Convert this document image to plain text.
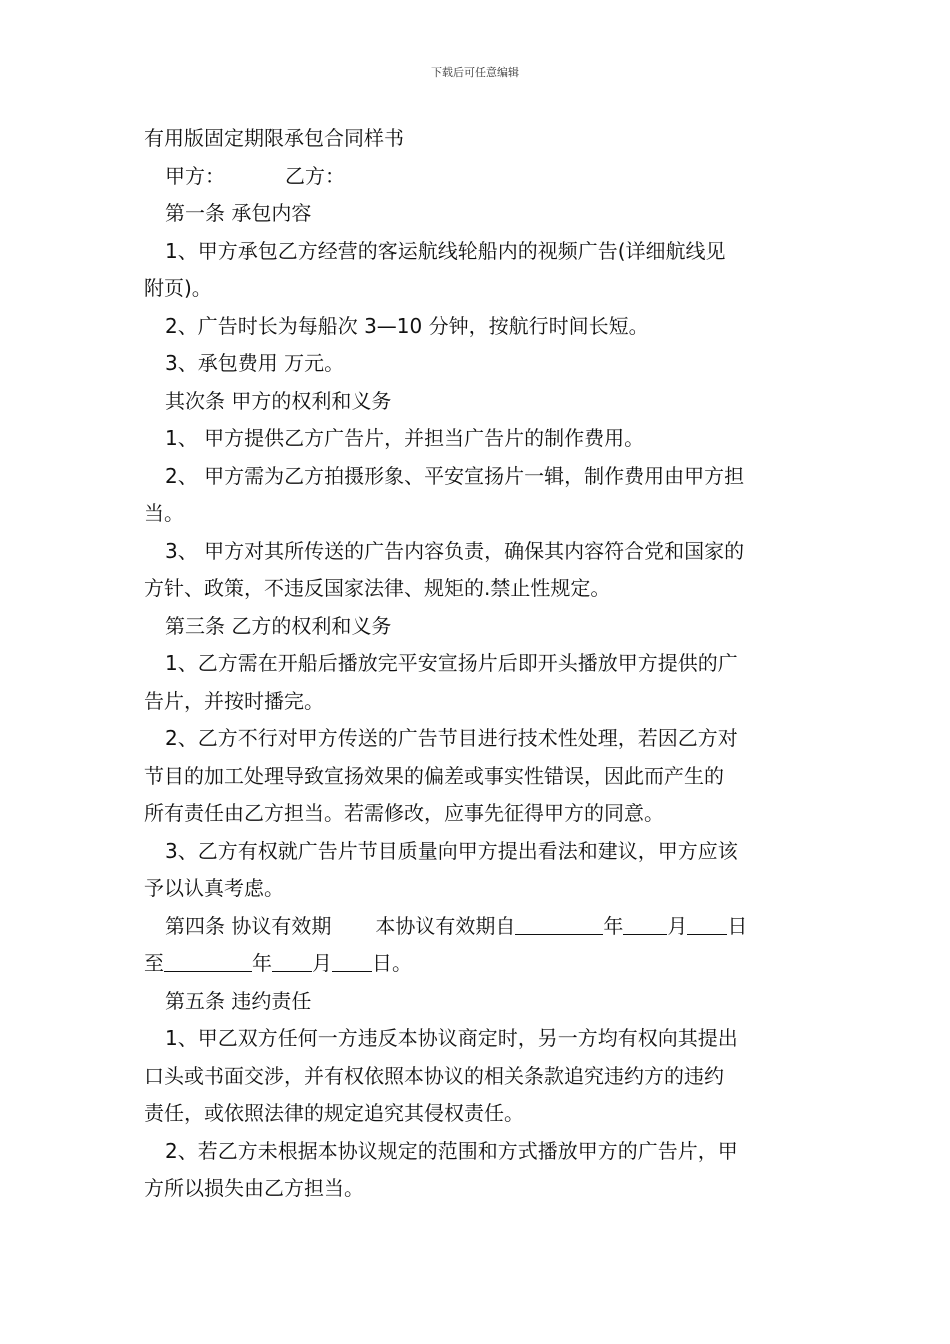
下载后可任意编辑
有用版固定期限承包合同样书
甲方：	乙方：
第一条 承包内容
1、甲方承包乙方经营的客运航线轮船内的视频广告(详细航线见
附页)。
2、广告时长为每船次 3—10 分钟，按航行时间长短。
3、承包费用 万元。
其次条 甲方的权利和义务
1、 甲方提供乙方广告片，并担当广告片的制作费用。
2、 甲方需为乙方拍摄形象、平安宣扬片一辑，制作费用由甲方担
当。
3、 甲方对其所传送的广告内容负责，确保其内容符合党和国家的
方针、政策，不违反国家法律、规矩的.禁止性规定。
第三条 乙方的权利和义务
1、乙方需在开船后播放完平安宣扬片后即开头播放甲方提供的广
告片，并按时播完。
2、乙方不行对甲方传送的广告节目进行技术性处理，若因乙方对
节目的加工处理导致宣扬效果的偏差或事实性错误，因此而产生的
所有责任由乙方担当。若需修改，应事先征得甲方的同意。
3、乙方有权就广告片节目质量向甲方提出看法和建议，甲方应该
予以认真考虑。
第四条 协议有效期 本协议有效期自	年 月 日
至	年 月 日。
第五条 违约责任
1、甲乙双方任何一方违反本协议商定时，另一方均有权向其提出
口头或书面交涉，并有权依照本协议的相关条款追究违约方的违约
责任，或依照法律的规定追究其侵权责任。
2、若乙方未根据本协议规定的范围和方式播放甲方的广告片，甲
方所以损失由乙方担当。
